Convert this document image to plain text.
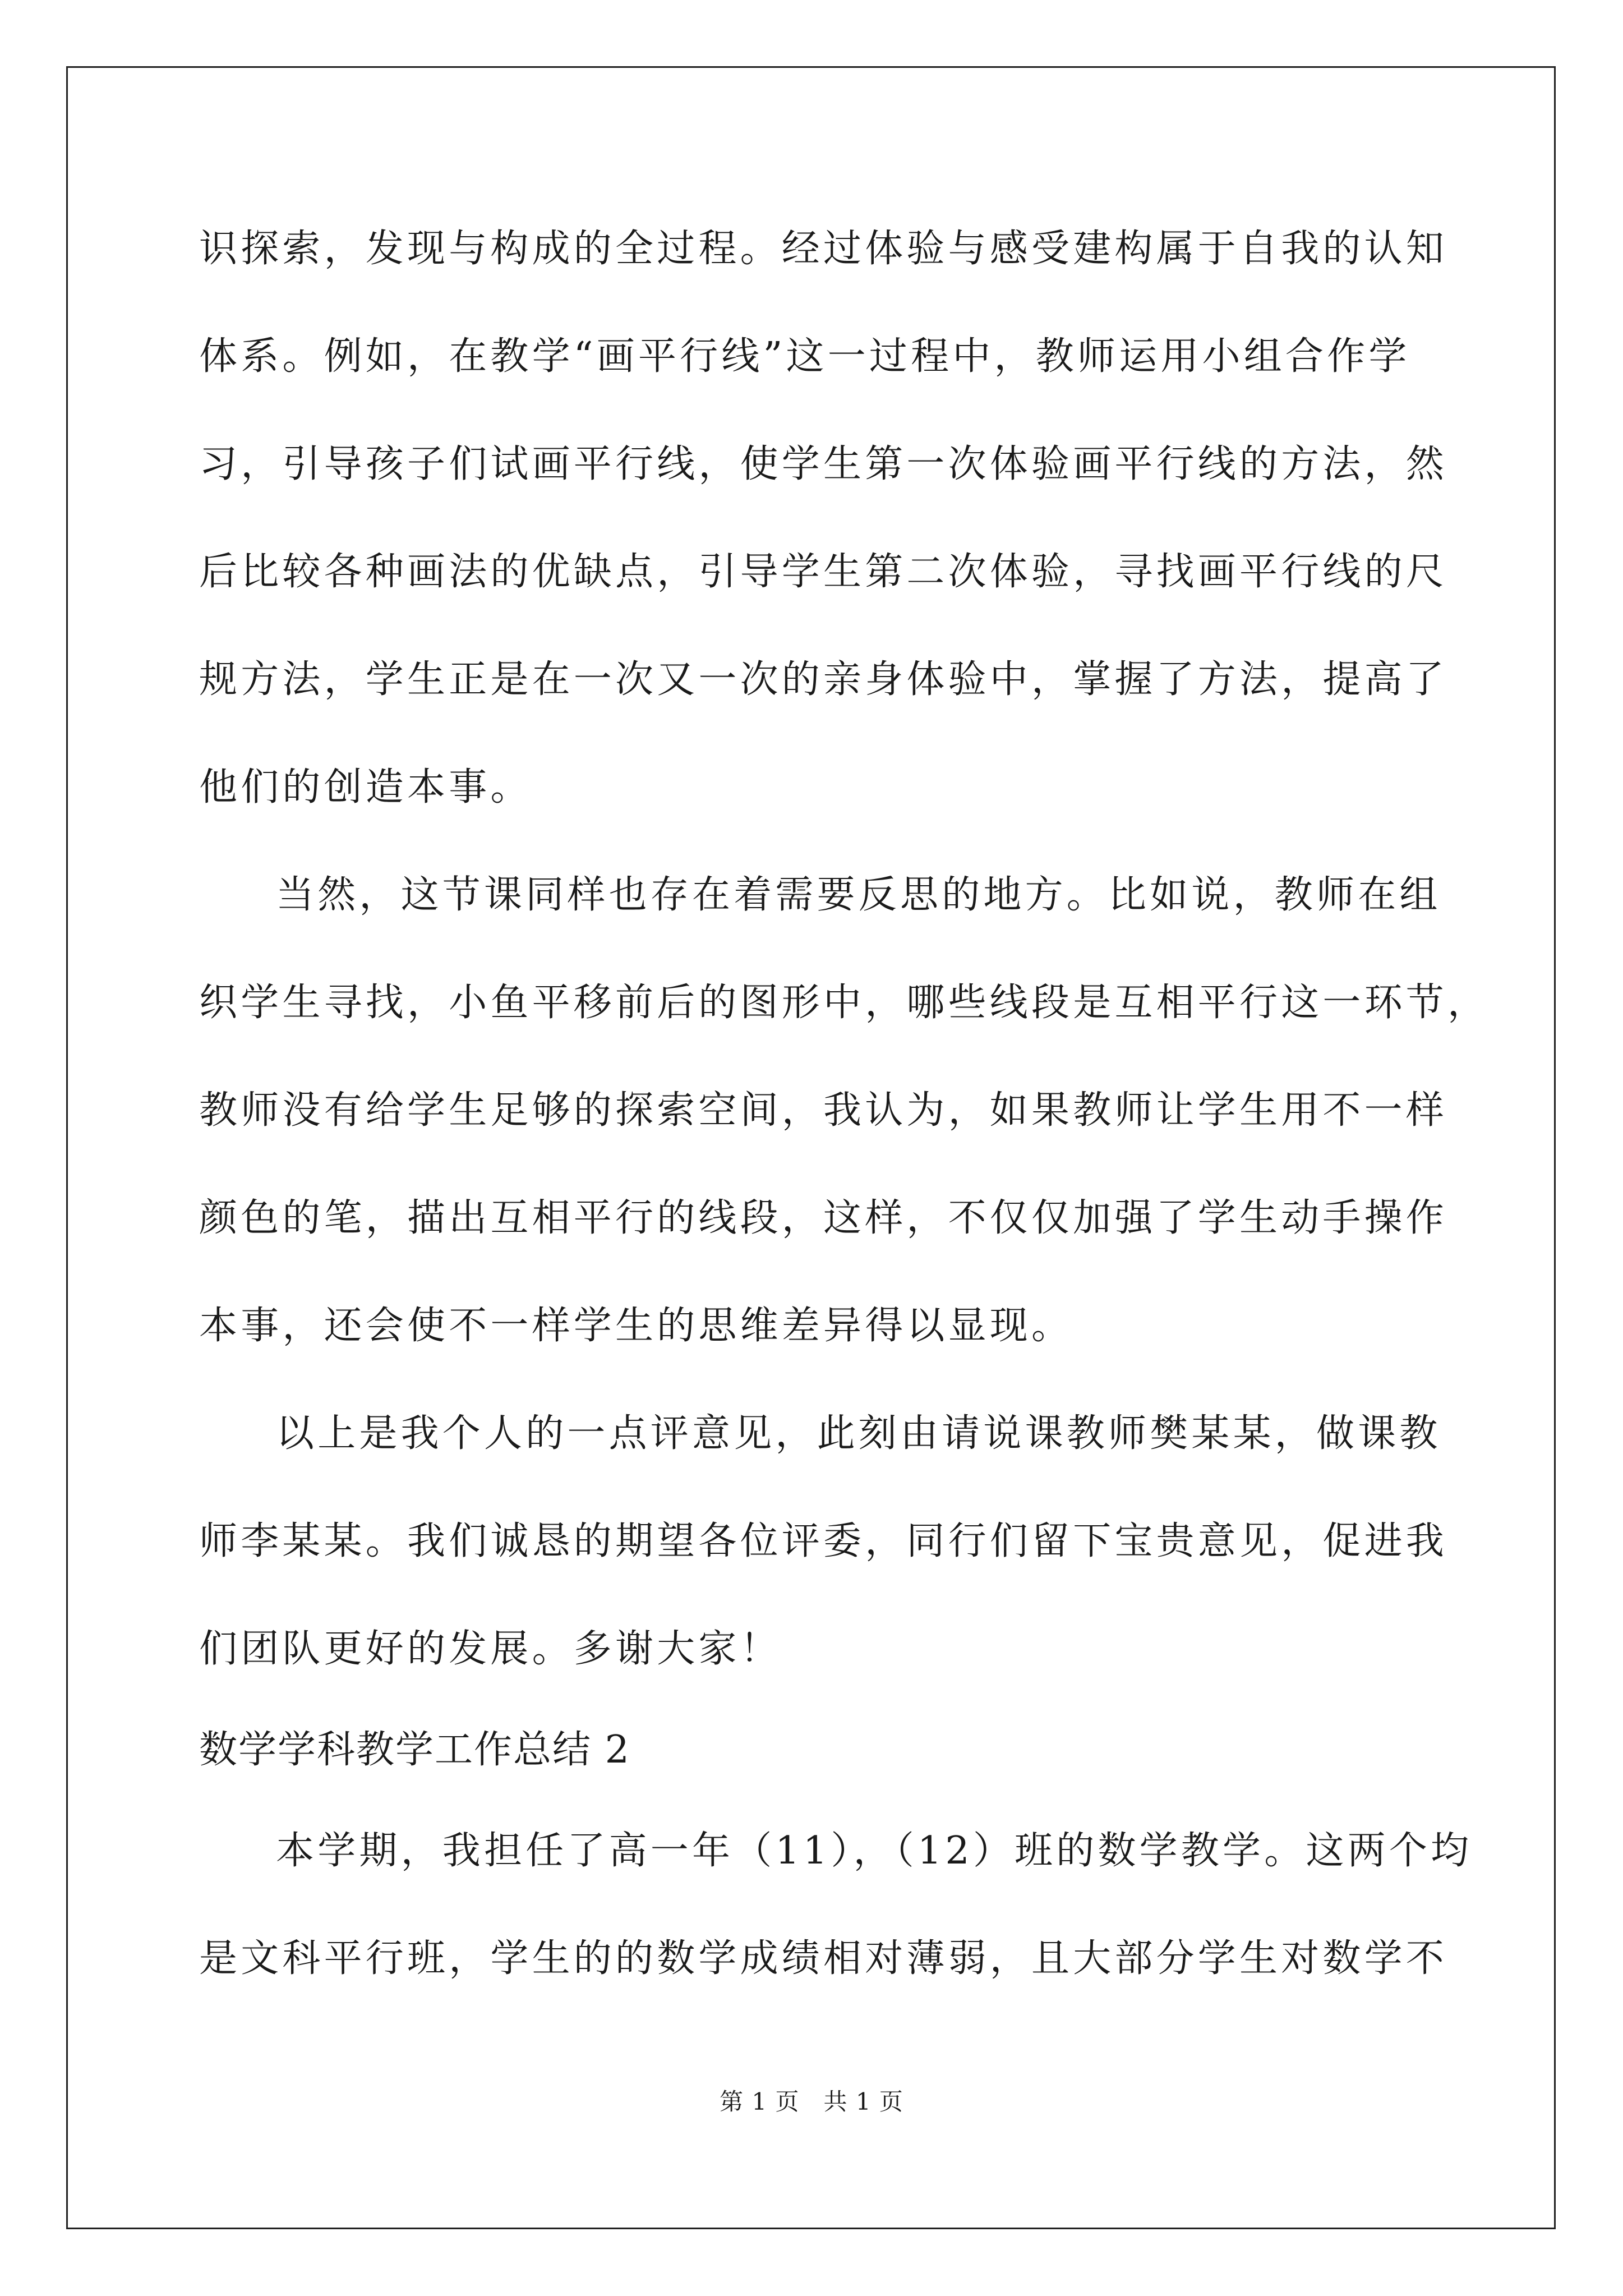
识探索，发现与构成的全过程。经过体验与感受建构属于自我的认知
体系。例如，在教学“画平行线”这一过程中，教师运用小组合作学
习，引导孩子们试画平行线，使学生第一次体验画平行线的方法，然
后比较各种画法的优缺点，引导学生第二次体验，寻找画平行线的尺
规方法，学生正是在一次又一次的亲身体验中，掌握了方法，提高了
他们的创造本事。
当然，这节课同样也存在着需要反思的地方。比如说，教师在组
织学生寻找，小鱼平移前后的图形中，哪些线段是互相平行这一环节，
教师没有给学生足够的探索空间，我认为，如果教师让学生用不一样
颜色的笔，描出互相平行的线段，这样，不仅仅加强了学生动手操作
本事，还会使不一样学生的思维差异得以显现。
以上是我个人的一点评意见，此刻由请说课教师樊某某，做课教
师李某某。我们诚恳的期望各位评委，同行们留下宝贵意见，促进我
们团队更好的发展。多谢大家！
数学学科教学工作总结 2
本学期，我担任了高一年（11），（12）班的数学教学。这两个均
是文科平行班，学生的的数学成绩相对薄弱，且大部分学生对数学不
第 1 页　共 1 页
